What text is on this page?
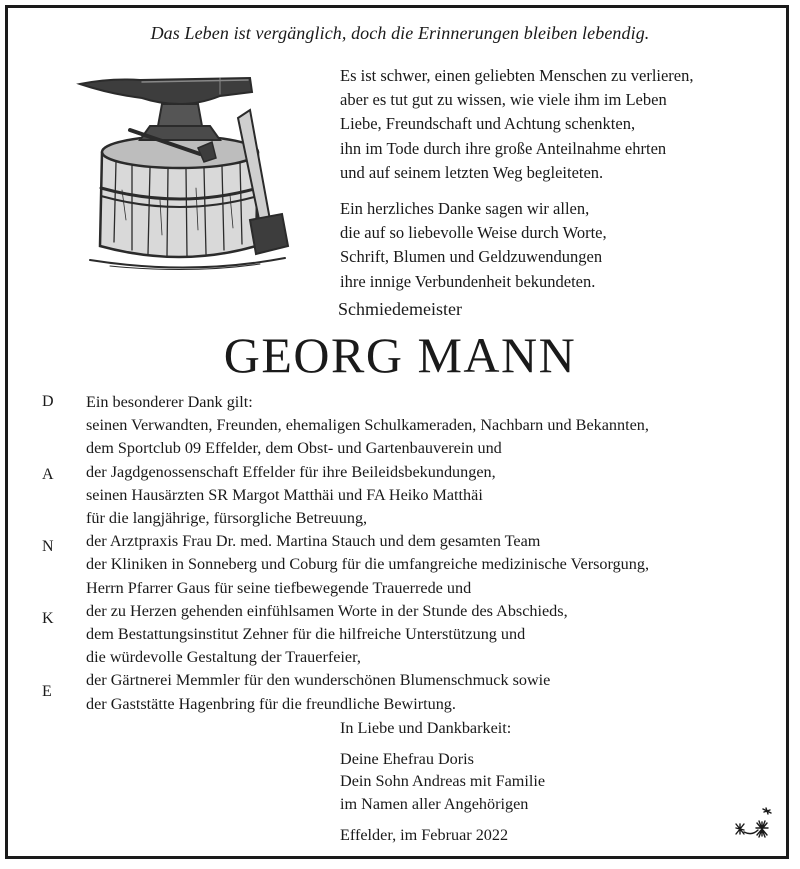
Das Leben ist vergänglich, doch die Erinnerungen bleiben lebendig.

Es ist schwer, einen geliebten Menschen zu verlieren,
aber es tut gut zu wissen, wie viele ihm im Leben
Liebe, Freundschaft und Achtung schenkten,
ihn im Tode durch ihre große Anteilnahme ehrten
und auf seinem letzten Weg begleiteten.

Ein herzliches Danke sagen wir allen,
die auf so liebevolle Weise durch Worte,
Schrift, Blumen und Geldzuwendungen
ihre innige Verbundenheit bekundeten.

Schmiedemeister
GEORG MANN
D
A
N
K
E
Ein besonderer Dank gilt:
seinen Verwandten, Freunden, ehemaligen Schulkameraden, Nachbarn und Bekannten,
dem Sportclub 09 Effelder, dem Obst- und Gartenbauverein und
der Jagdgenossenschaft Effelder für ihre Beileidsbekundungen,
seinen Hausärzten SR Margot Matthäi und FA Heiko Matthäi
für die langjährige, fürsorgliche Betreuung,
der Arztpraxis Frau Dr. med. Martina Stauch und dem gesamten Team
der Kliniken in Sonneberg und Coburg für die umfangreiche medizinische Versorgung,
Herrn Pfarrer Gaus für seine tiefbewegende Trauerrede und
der zu Herzen gehenden einfühlsamen Worte in der Stunde des Abschieds,
dem Bestattungsinstitut Zehner für die hilfreiche Unterstützung und
die würdevolle Gestaltung der Trauerfeier,
der Gärtnerei Memmler für den wunderschönen Blumenschmuck sowie
der Gaststätte Hagenbring für die freundliche Bewirtung.
In Liebe und Dankbarkeit:
Deine Ehefrau Doris
Dein Sohn Andreas mit Familie
im Namen aller Angehörigen
Effelder, im Februar 2022
